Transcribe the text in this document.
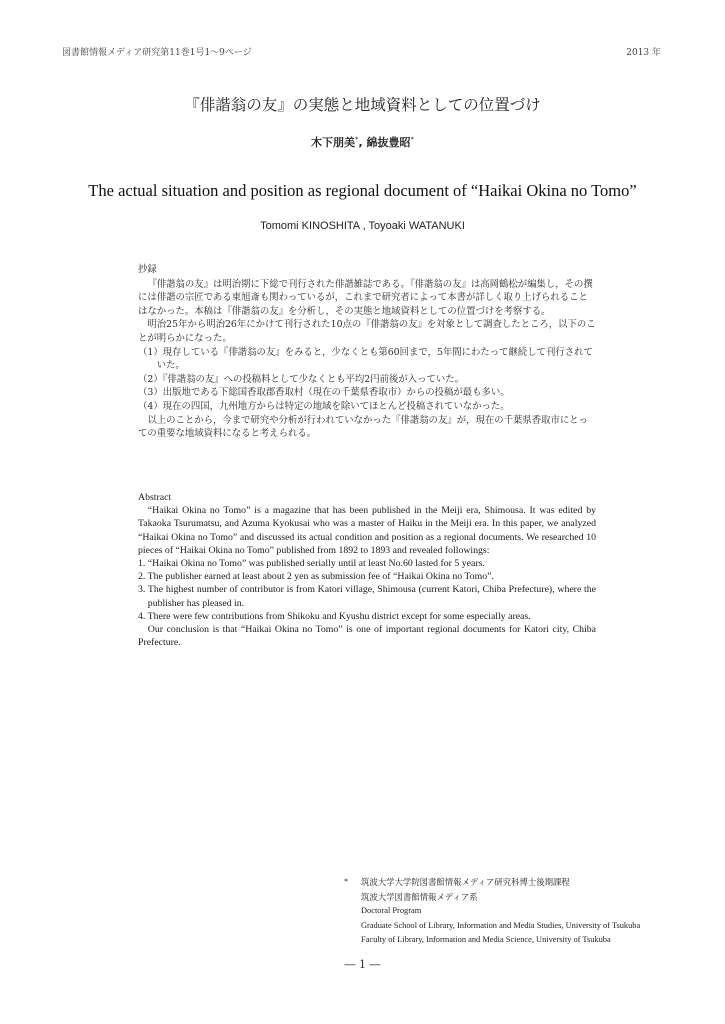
図書館情報メディア研究第11巻1号1〜9ページ	2013 年
『俳諧翁の友』の実態と地域資料としての位置づけ
木下朋美*, 綿抜豊昭*
The actual situation and position as regional document of “Haikai Okina no Tomo”
Tomomi KINOSHITA , Toyoaki WATANUKI

抄録

『俳諧翁の友』は明治期に下総で刊行された俳諧雑誌である。『俳諧翁の友』は高岡鶴松が編集し，その撰には俳諧の宗匠である東旭斎も関わっているが，これまで研究者によって本書が詳しく取り上げられることはなかった。本稿は『俳諧翁の友』を分析し，その実態と地域資料としての位置づけを考察する。

明治25年から明治26年にかけて刊行された10点の『俳諧翁の友』を対象として調査したところ，以下のことが明らかになった。

（1）現存している『俳諧翁の友』をみると，少なくとも第60回まで，5年間にわたって継続して刊行されていた。

（2）『俳諧翁の友』への投稿料として少なくとも平均2円前後が入っていた。

（3）出版地である下総国香取郡香取村（現在の千葉県香取市）からの投稿が最も多い。

（4）現在の四国，九州地方からは特定の地域を除いてほとんど投稿されていなかった。

以上のことから，今まで研究や分析が行われていなかった『俳諧翁の友』が，現在の千葉県香取市にとっての重要な地域資料になると考えられる。

Abstract

“Haikai Okina no Tomo” is a magazine that has been published in the Meiji era, Shimousa. It was edited by Takaoka Tsurumatsu, and Azuma Kyokusai who was a master of Haiku in the Meiji era. In this paper, we analyzed “Haikai Okina no Tomo” and discussed its actual condition and position as a regional documents. We researched 10 pieces of “Haikai Okina no Tomo” published from 1892 to 1893 and revealed followings:

1. “Haikai Okina no Tomo” was published serially until at least No.60 lasted for 5 years.

2. The publisher earned at least about 2 yen as submission fee of “Haikai Okina no Tomo”.

3. The highest number of contributor is from Katori village, Shimousa (current Katori, Chiba Prefecture), where the publisher has pleased in.

4. There were few contributions from Shikoku and Kyushu district except for some especially areas.

Our conclusion is that “Haikai Okina no Tomo” is one of important regional documents for Katori city, Chiba Prefecture.

* 筑波大学大学院図書館情報メディア研究科博士後期課程

筑波大学図書館情報メディア系

Doctoral Program

Graduate School of Library, Information and Media Studies, University of Tsukuba

Faculty of Library, Information and Media Science, University of Tsukuba

― 1 ―
